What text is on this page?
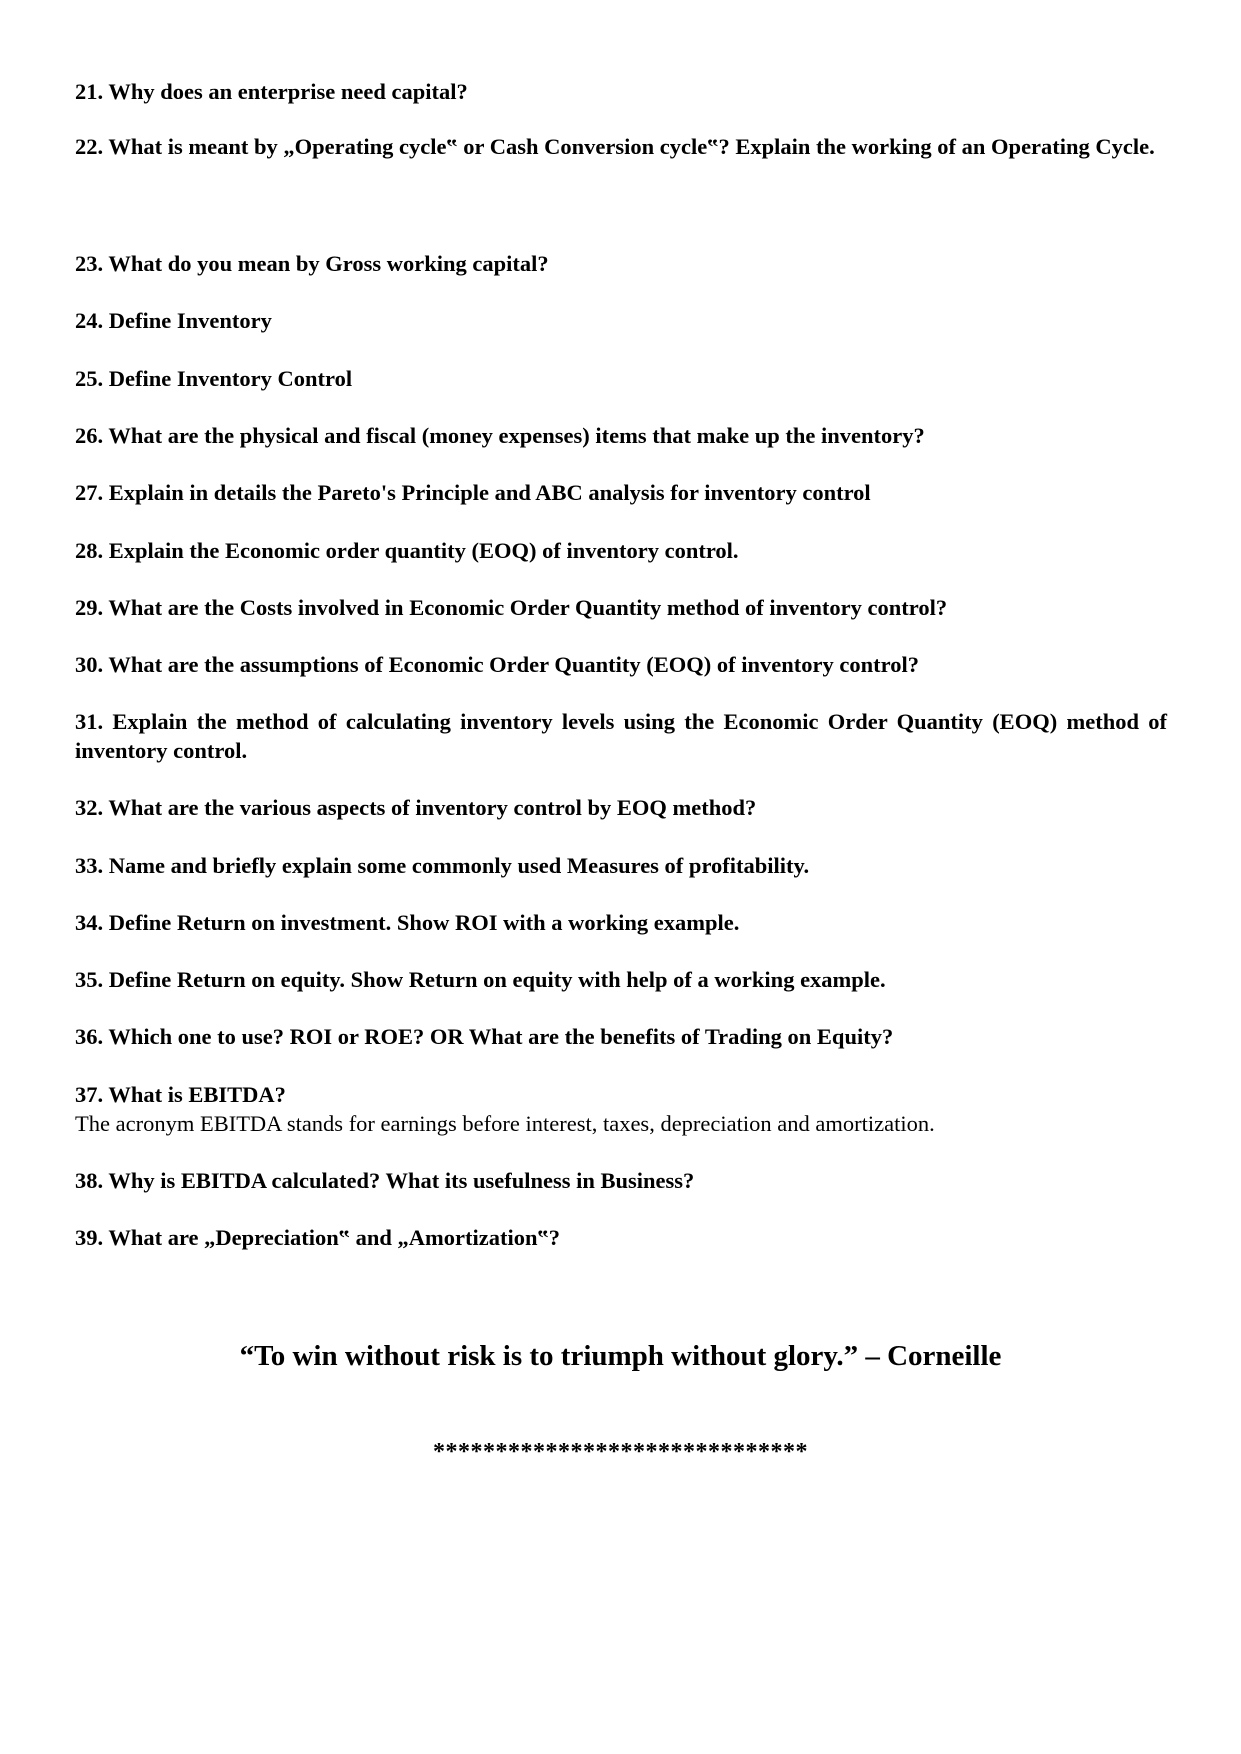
21. Why does an enterprise need capital?

22. What is meant by „Operating cycle‟ or Cash Conversion cycle‟? Explain the working of an Operating Cycle.

23. What do you mean by Gross working capital?

24. Define Inventory

25. Define Inventory Control

26. What are the physical and fiscal (money expenses) items that make up the inventory?

27. Explain in details the Pareto's Principle and ABC analysis for inventory control

28. Explain the Economic order quantity (EOQ) of inventory control.

29. What are the Costs involved in Economic Order Quantity method of inventory control?

30. What are the assumptions of Economic Order Quantity (EOQ) of inventory control?

31. Explain the method of calculating inventory levels using the Economic Order Quantity (EOQ) method of inventory control.

32. What are the various aspects of inventory control by EOQ method?

33. Name and briefly explain some commonly used Measures of profitability.

34. Define Return on investment. Show ROI with a working example.

35. Define Return on equity. Show Return on equity with help of a working example.

36. Which one to use? ROI or ROE? OR What are the benefits of Trading on Equity?

37. What is EBITDA?

The acronym EBITDA stands for earnings before interest, taxes, depreciation and amortization.

38. Why is EBITDA calculated? What its usefulness in Business?

39. What are „Depreciation‟ and „Amortization‟?

“To win without risk is to triumph without glory.” – Corneille

******************************
